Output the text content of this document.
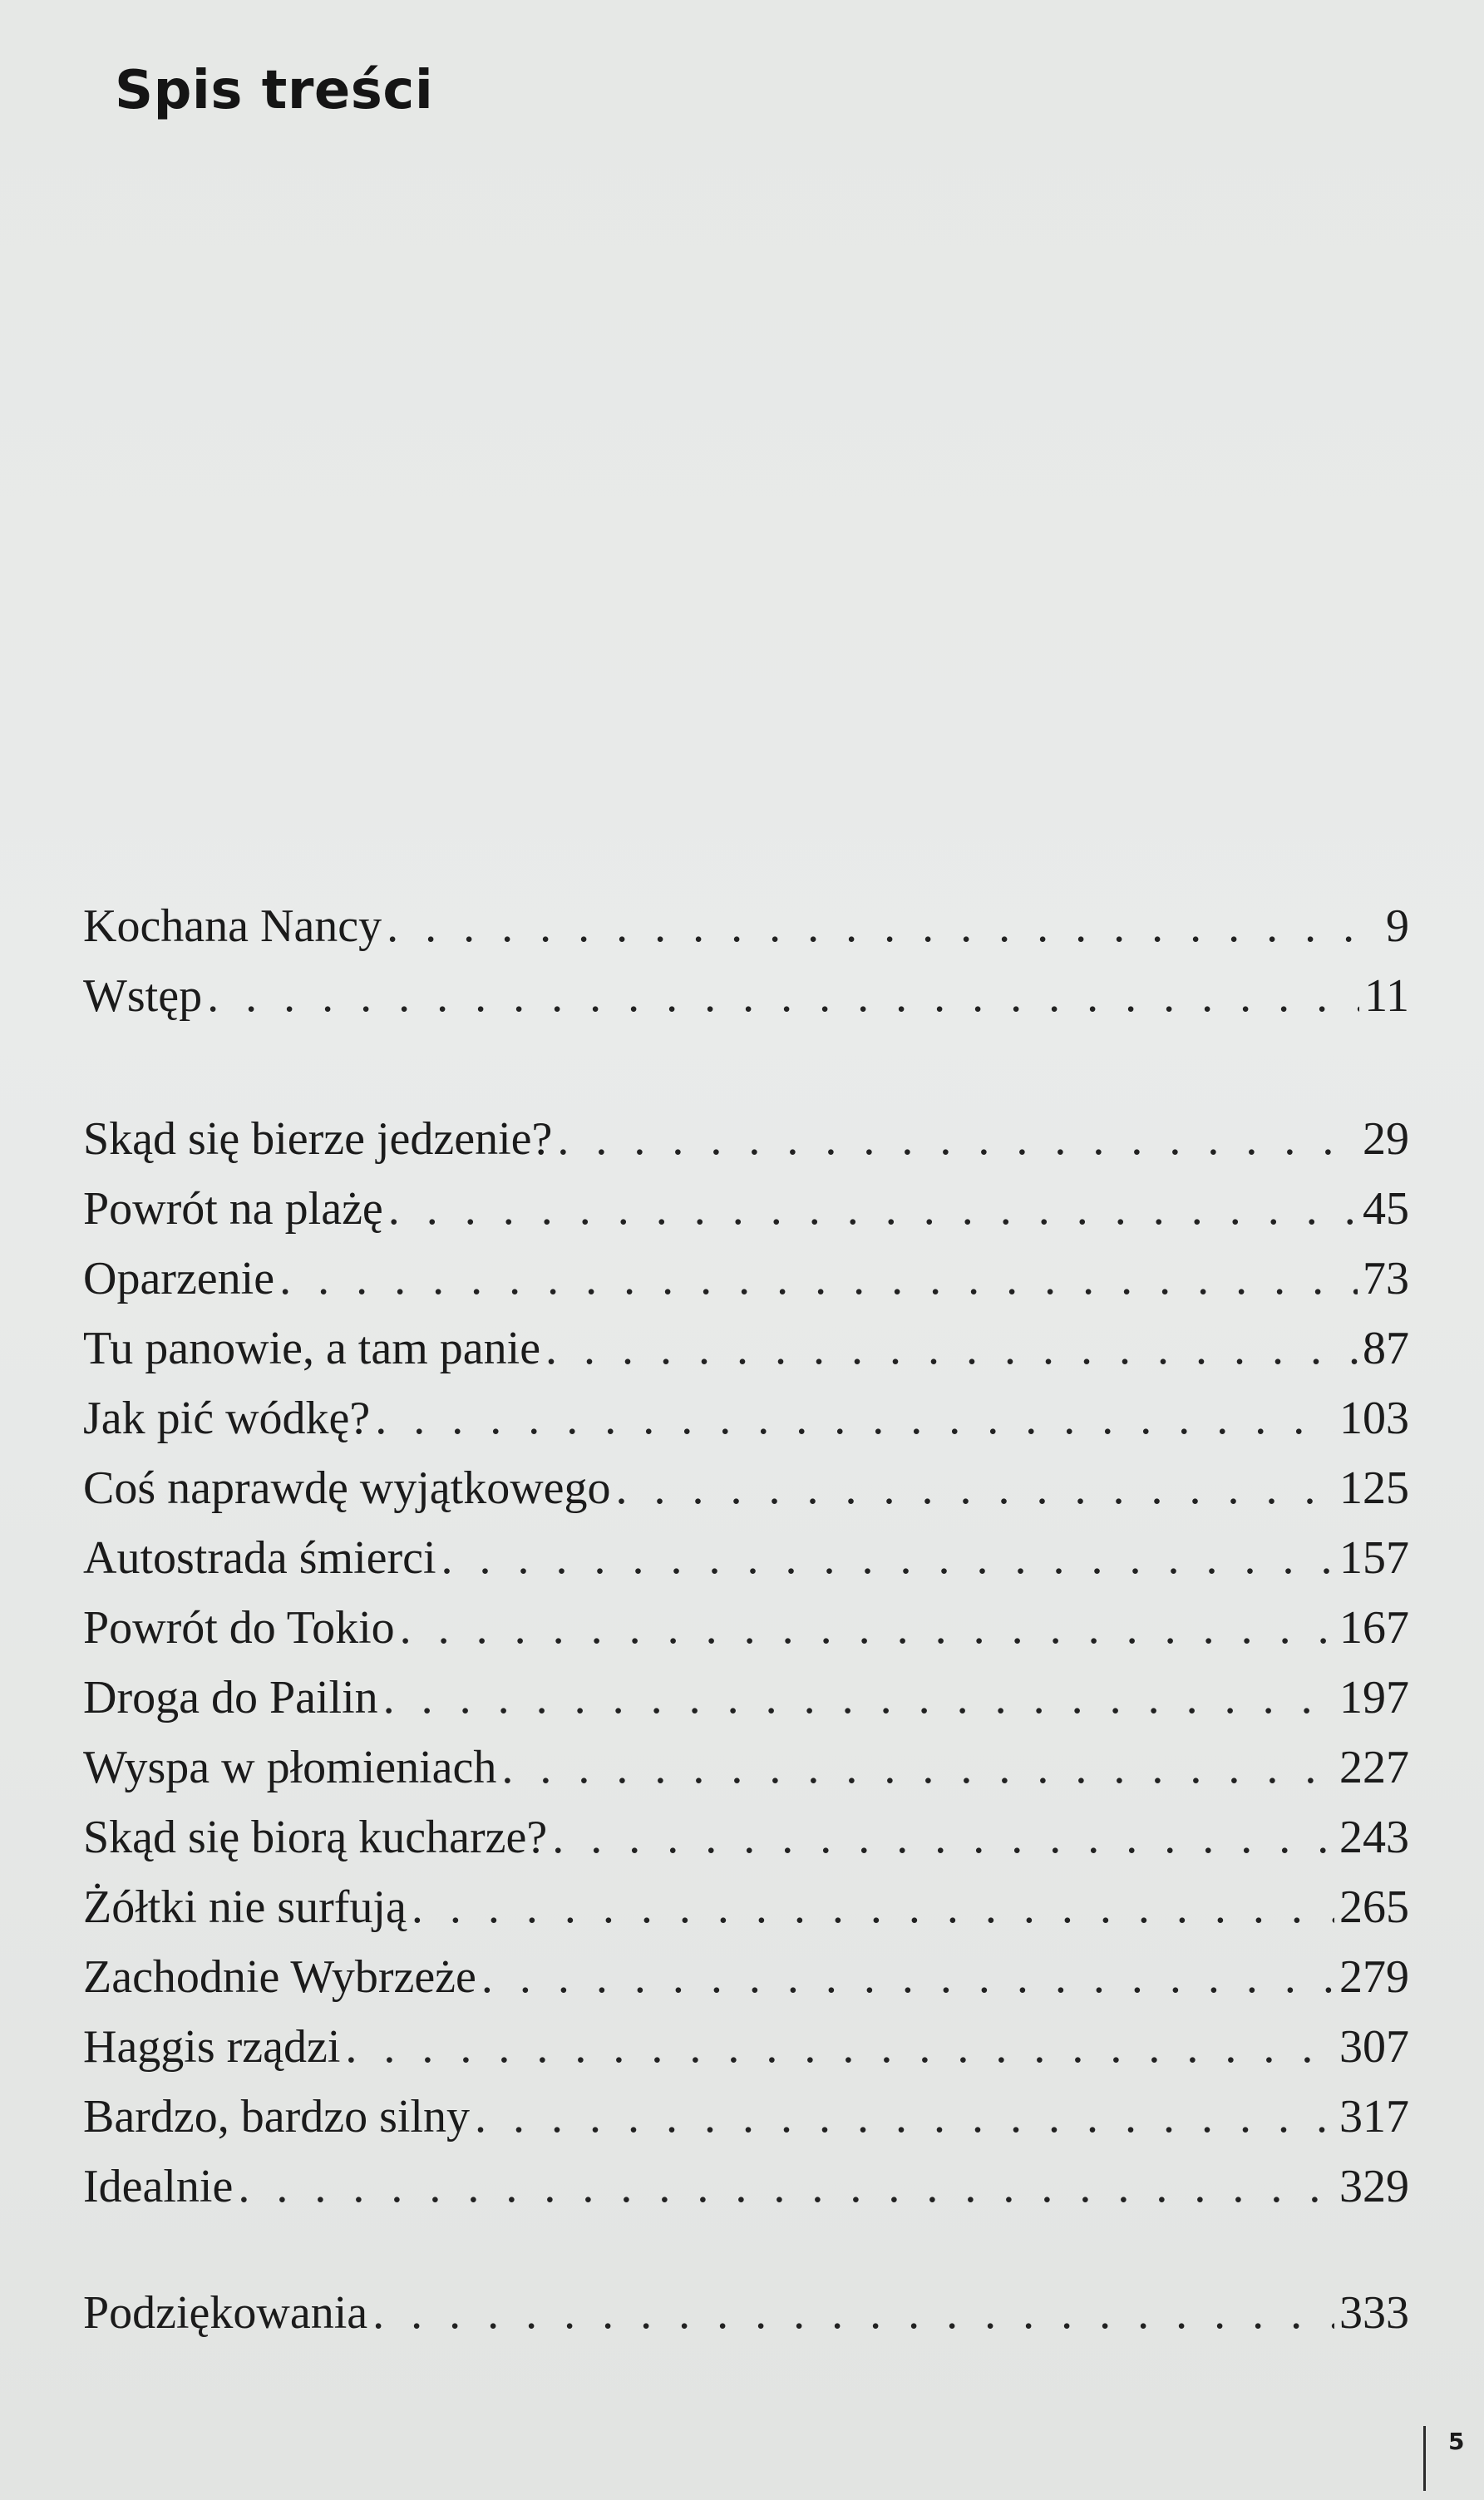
Spis treści
Kochana Nancy . . .	9
Wstęp . . .	11
Skąd się bierze jedzenie? . . .	29
Powrót na plażę . . .	45
Oparzenie . . .	73
Tu panowie, a tam panie . . .	87
Jak pić wódkę? . . .	103
Coś naprawdę wyjątkowego . . .	125
Autostrada śmierci . . .	157
Powrót do Tokio . . .	167
Droga do Pailin . . .	197
Wyspa w płomieniach . . .	227
Skąd się biorą kucharze? . . .	243
Żółtki nie surfują . . .	265
Zachodnie Wybrzeże . . .	279
Haggis rządzi . . .	307
Bardzo, bardzo silny . . .	317
Idealnie . . .	329
Podziękowania . . .	333
5
